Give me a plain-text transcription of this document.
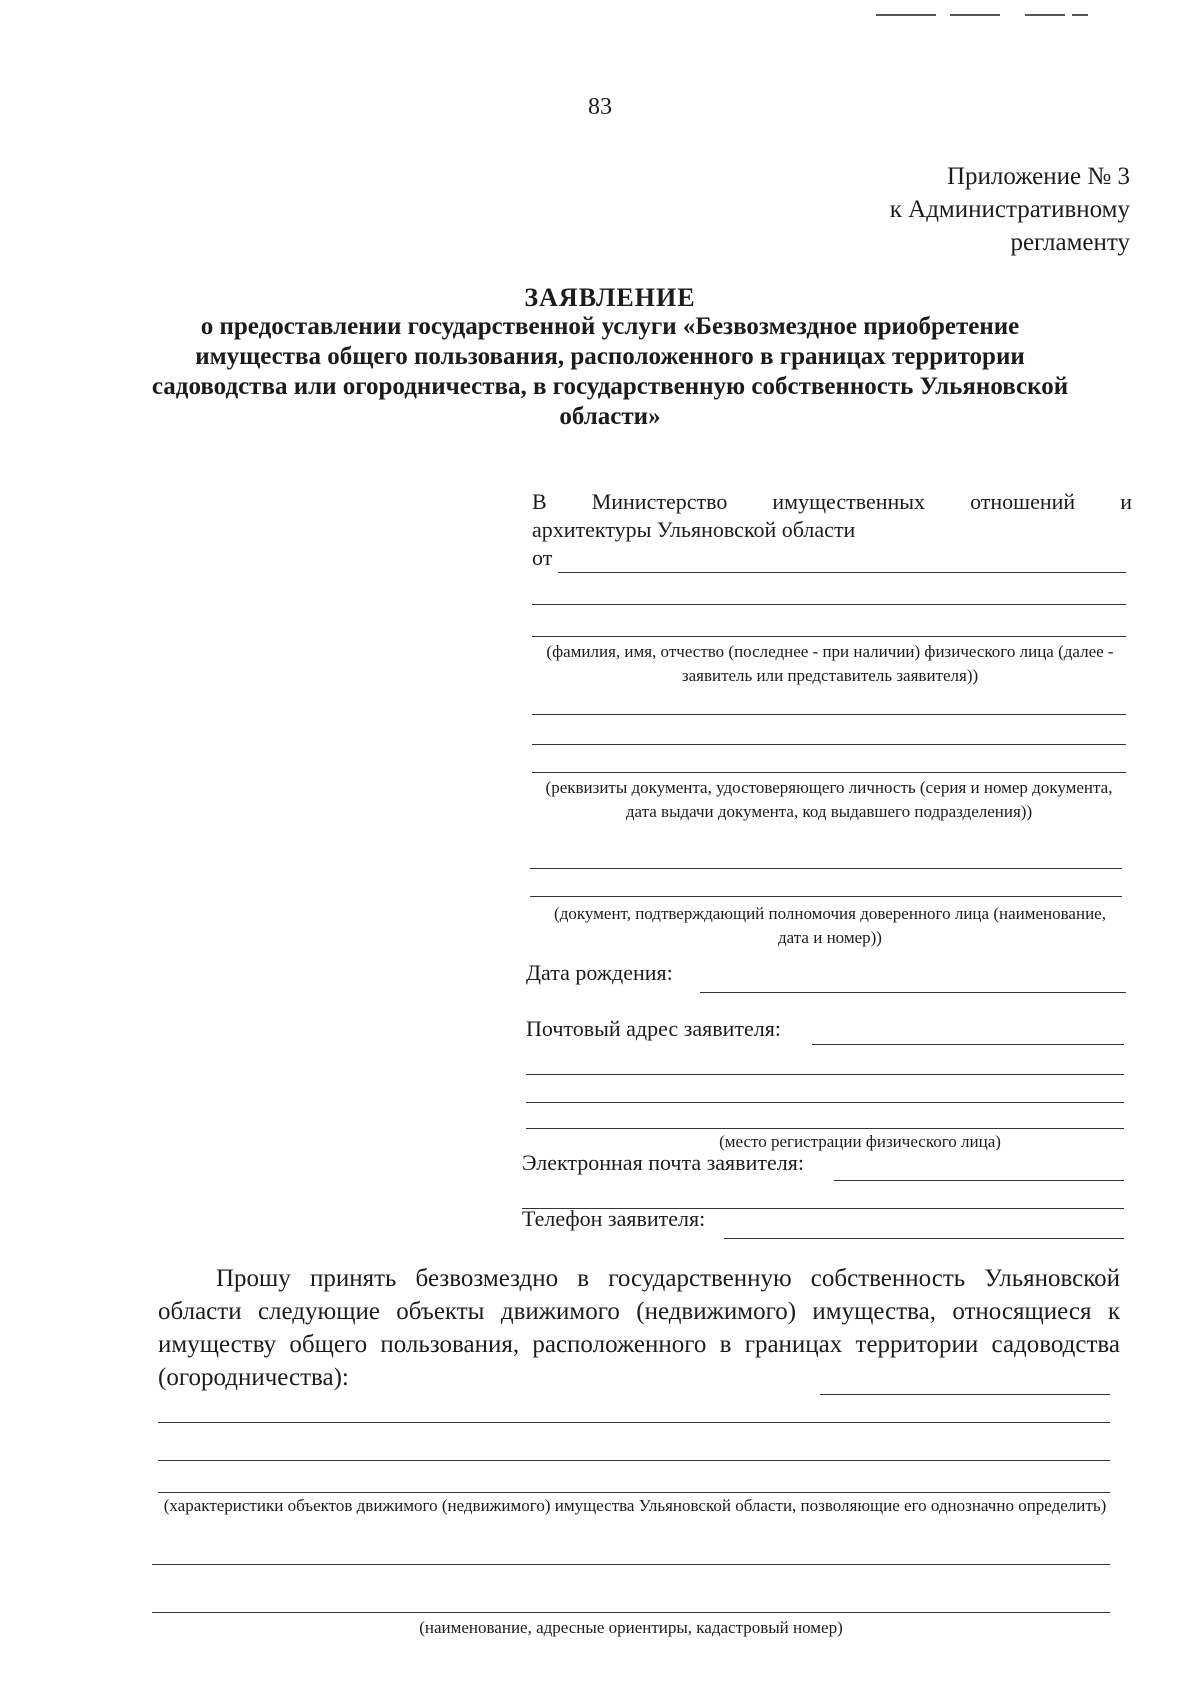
83
Приложение № 3
к Административному
регламенту
ЗАЯВЛЕНИЕ
о предоставлении государственной услуги «Безвозмездное приобретение имущества общего пользования, расположенного в границах территории садоводства или огородничества, в государственную собственность Ульяновской области»
В Министерство имущественных отношений и
архитектуры Ульяновской области
от
(фамилия, имя, отчество (последнее - при наличии) физического лица (далее - заявитель или представитель заявителя))
(реквизиты документа, удостоверяющего личность (серия и номер документа, дата выдачи документа, код выдавшего подразделения))
(документ, подтверждающий полномочия доверенного лица (наименование, дата и номер))
Дата рождения:
Почтовый адрес заявителя:
(место регистрации физического лица)
Электронная почта заявителя:
Телефон заявителя:
Прошу принять безвозмездно в государственную собственность Ульяновской области следующие объекты движимого (недвижимого) имущества, относящиеся к имуществу общего пользования, расположенного в границах территории садоводства (огородничества):
(характеристики объектов движимого (недвижимого) имущества Ульяновской области, позволяющие его однозначно определить)
(наименование, адресные ориентиры, кадастровый номер)
